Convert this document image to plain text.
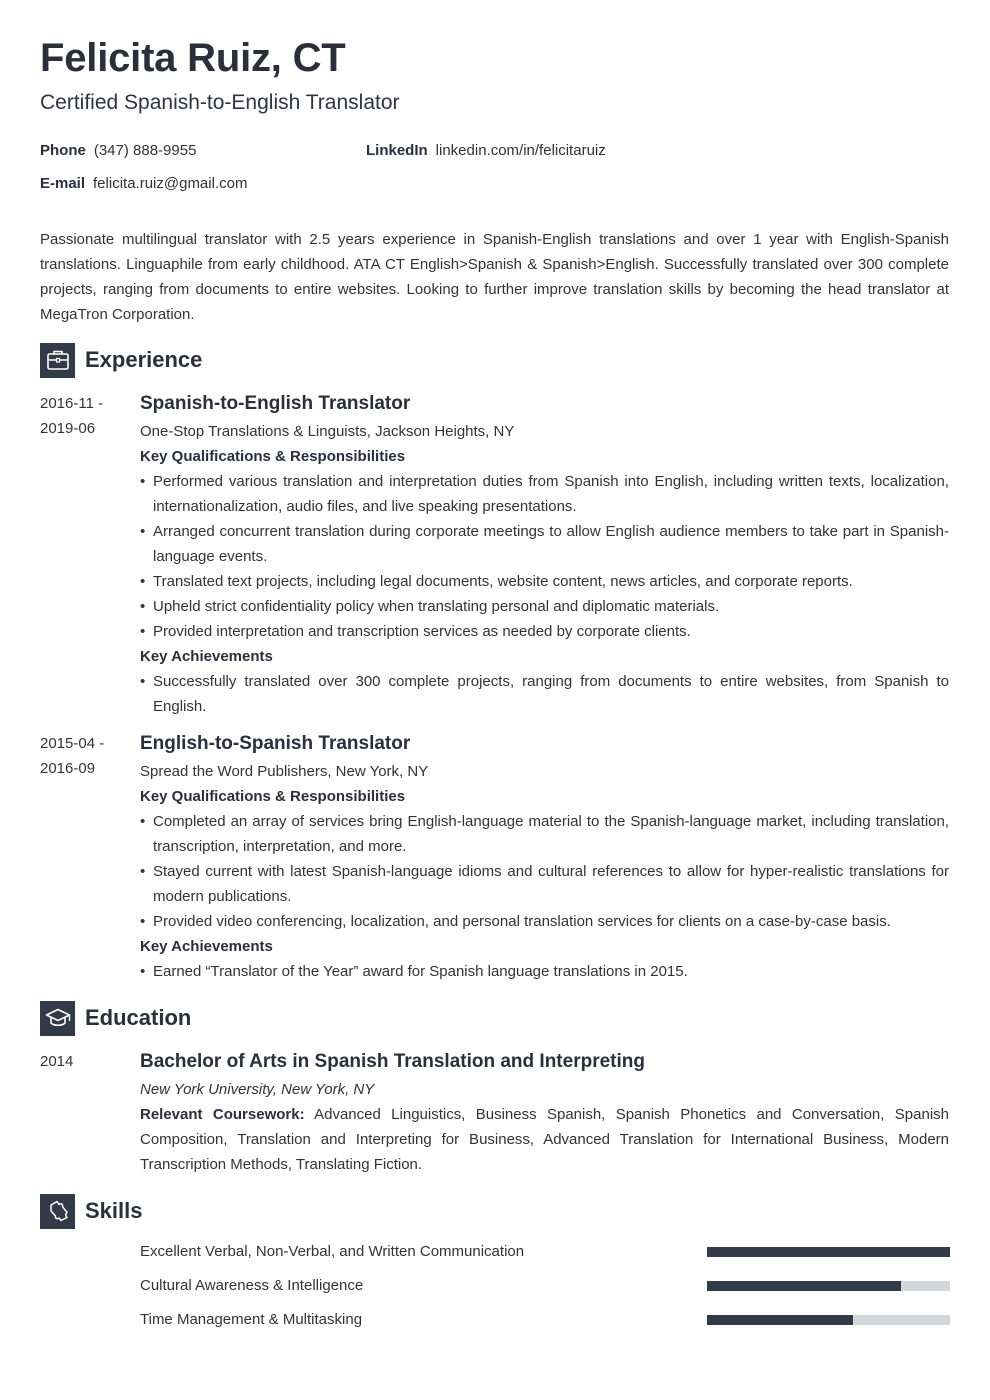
Felicita Ruiz, CT
Certified Spanish-to-English Translator
Phone (347) 888-9955	LinkedIn linkedin.com/in/felicitaruiz
E-mail felicita.ruiz@gmail.com

Passionate multilingual translator with 2.5 years experience in Spanish-English translations and over 1 year with English-Spanish translations. Linguaphile from early childhood. ATA CT English>Spanish & Spanish>English. Successfully translated over 300 complete projects, ranging from documents to entire websites. Looking to further improve translation skills by becoming the head translator at MegaTron Corporation.

Experience
2016-11 -
2019-06
Spanish-to-English Translator
One-Stop Translations & Linguists, Jackson Heights, NY
Key Qualifications & Responsibilities
• Performed various translation and interpretation duties from Spanish into English, including written texts, localization, internationalization, audio files, and live speaking presentations.
• Arranged concurrent translation during corporate meetings to allow English audience members to take part in Spanish-language events.
• Translated text projects, including legal documents, website content, news articles, and corporate reports.
• Upheld strict confidentiality policy when translating personal and diplomatic materials.
• Provided interpretation and transcription services as needed by corporate clients.
Key Achievements
• Successfully translated over 300 complete projects, ranging from documents to entire websites, from Spanish to English.
2015-04 -
2016-09
English-to-Spanish Translator
Spread the Word Publishers, New York, NY
Key Qualifications & Responsibilities
• Completed an array of services bring English-language material to the Spanish-language market, including translation, transcription, interpretation, and more.
• Stayed current with latest Spanish-language idioms and cultural references to allow for hyper-realistic translations for modern publications.
• Provided video conferencing, localization, and personal translation services for clients on a case-by-case basis.
Key Achievements
• Earned “Translator of the Year” award for Spanish language translations in 2015.
Education
2014	Bachelor of Arts in Spanish Translation and Interpreting
New York University, New York, NY
Relevant Coursework: Advanced Linguistics, Business Spanish, Spanish Phonetics and Conversation, Spanish Composition, Translation and Interpreting for Business, Advanced Translation for International Business, Modern Transcription Methods, Translating Fiction.
Skills
Excellent Verbal, Non-Verbal, and Written Communication
Cultural Awareness & Intelligence
Time Management & Multitasking
